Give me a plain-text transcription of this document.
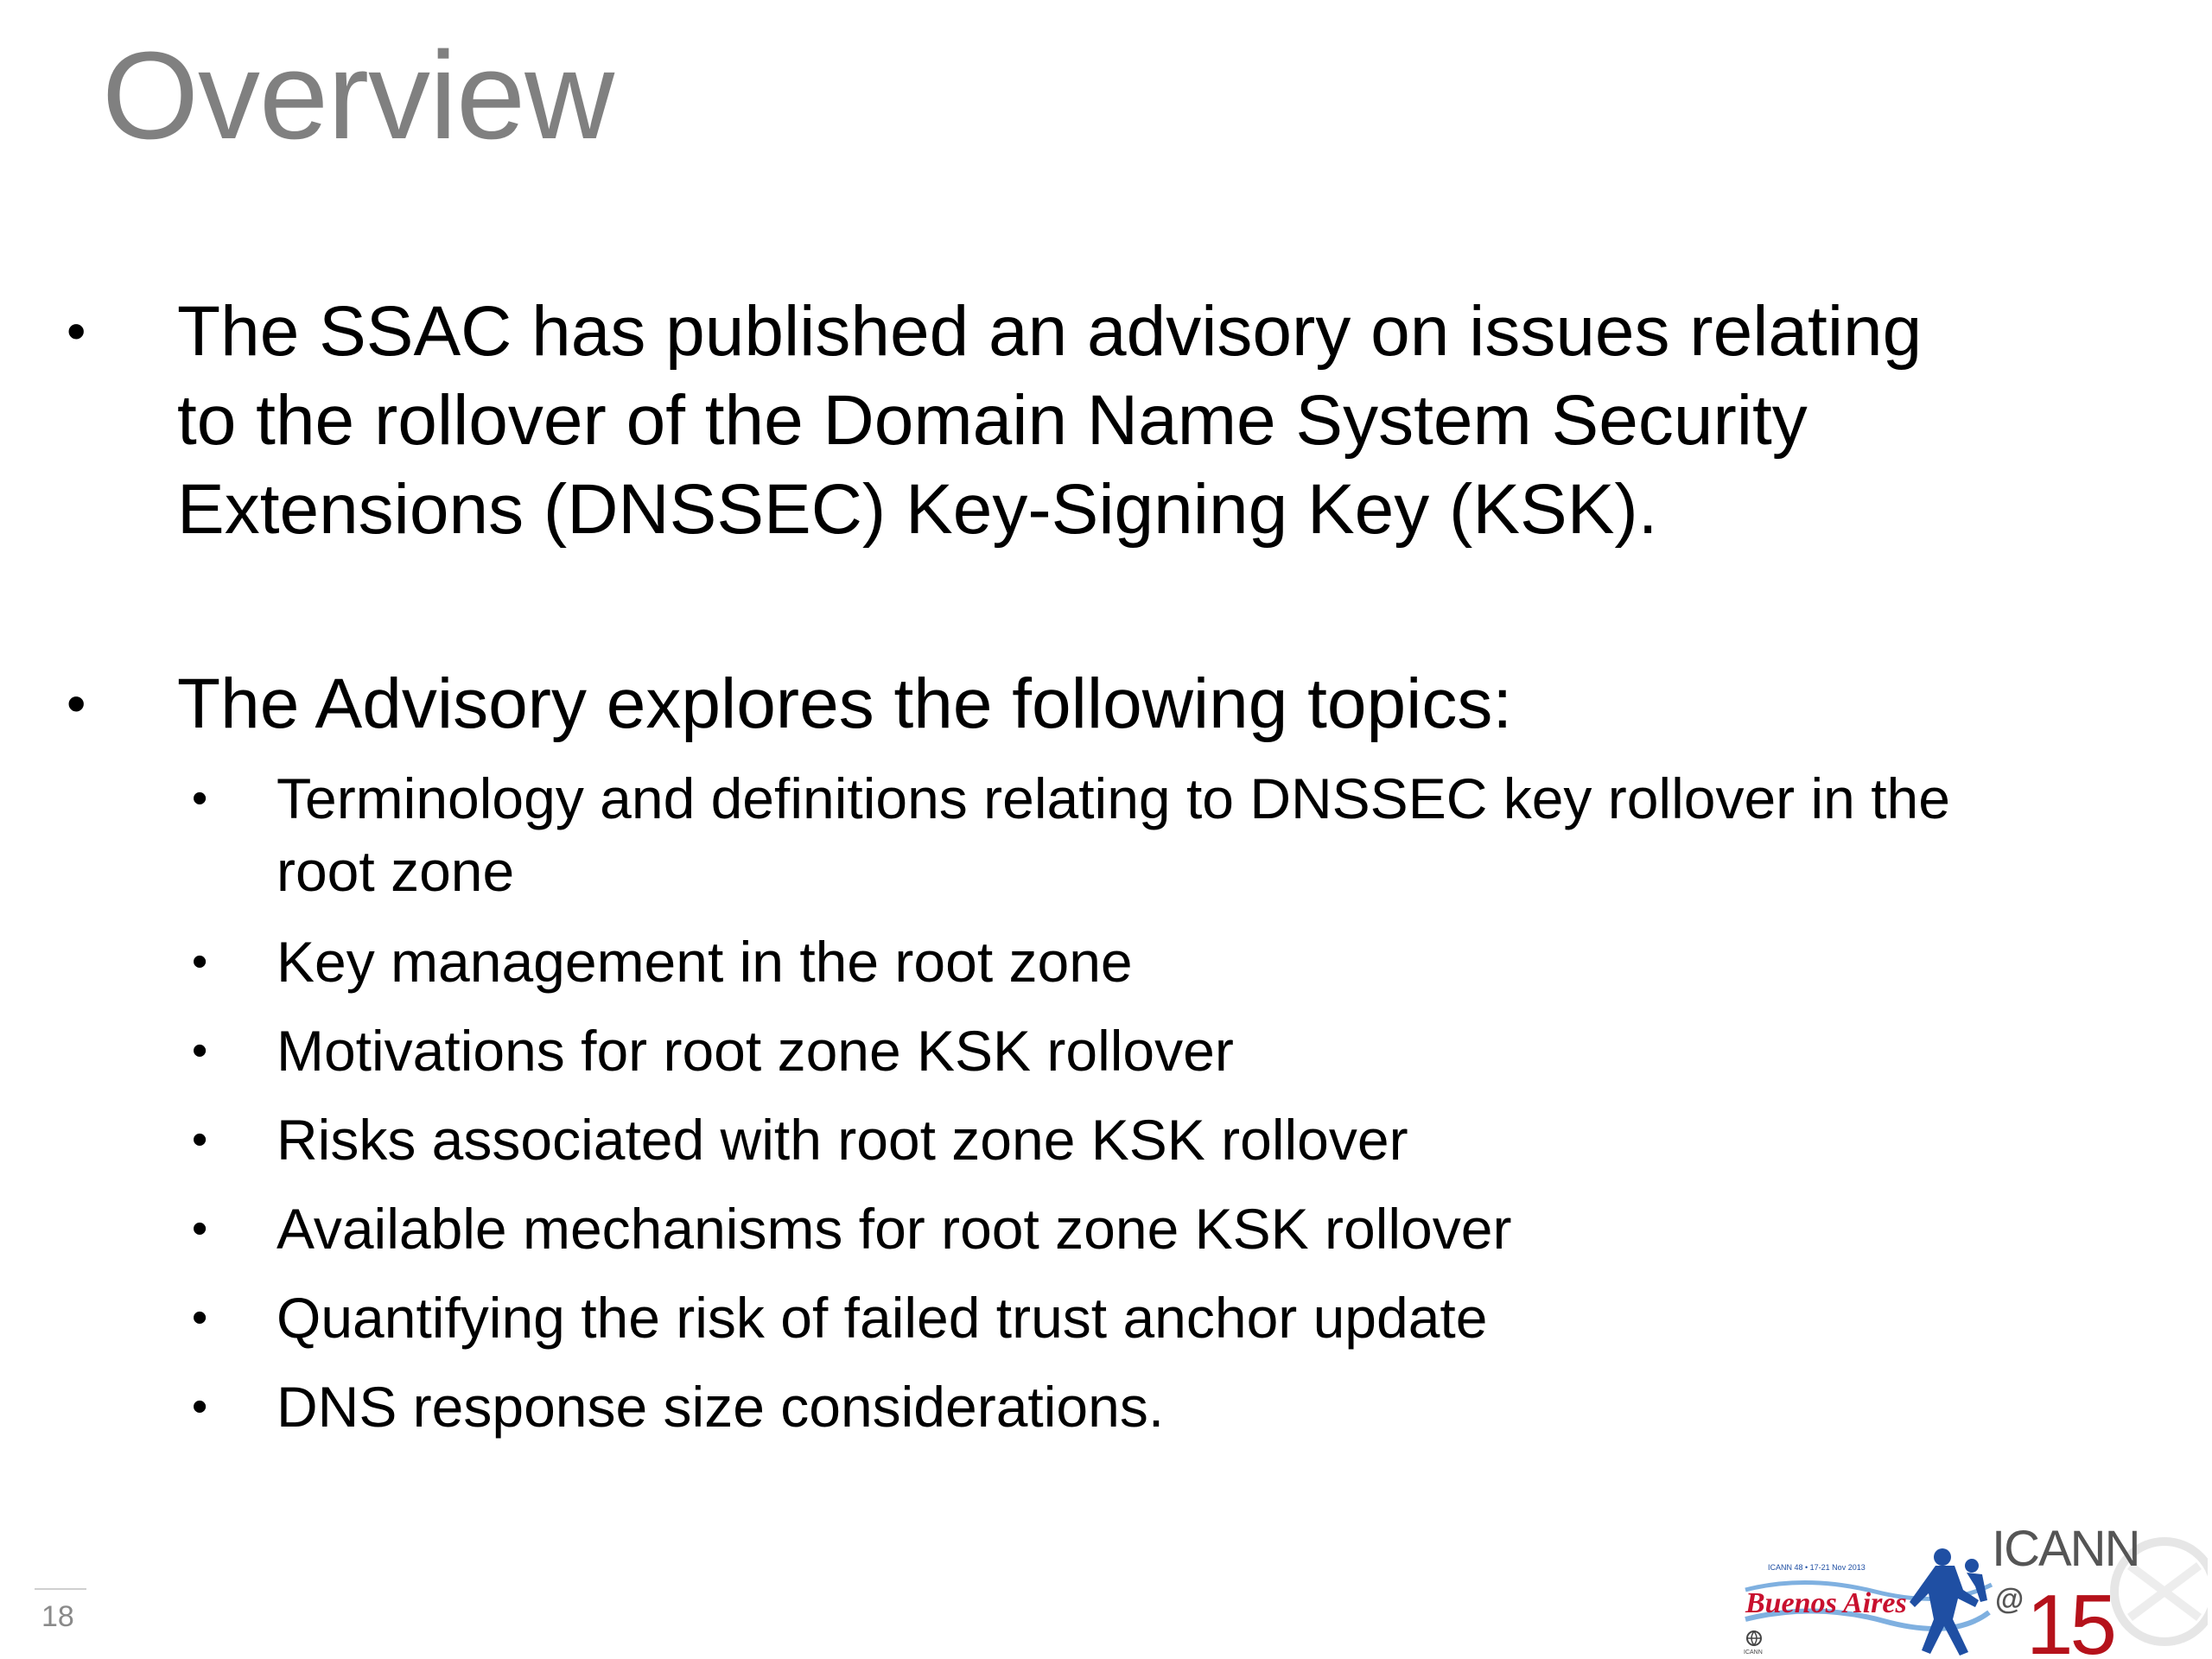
Overview
• The SSAC has published an advisory on issues relating to the rollover of the Domain Name System Security Extensions (DNSSEC) Key-Signing Key (KSK).
• The Advisory explores the following topics:
• Terminology and definitions relating to DNSSEC key rollover in the root zone
• Key management in the root zone
• Motivations for root zone KSK rollover
• Risks associated with root zone KSK rollover
• Available mechanisms for root zone KSK rollover
• Quantifying the risk of failed trust anchor update
• DNS response size considerations.
18
ICANN 48 • 17-21 Nov 2013
Buenos Aires
ICANN
ICANN
@ 15
